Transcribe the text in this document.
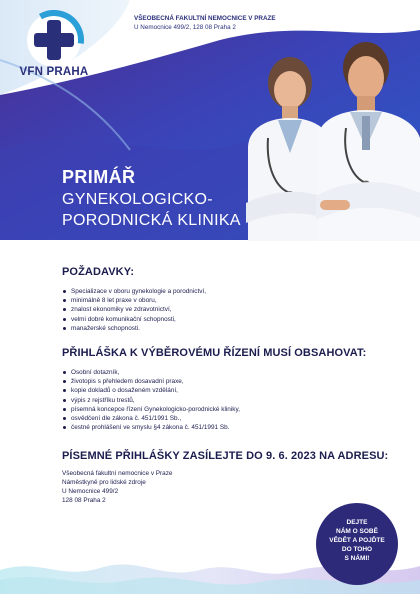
VFN PRAHA
VŠEOBECNÁ FAKULTNÍ NEMOCNICE V PRAZE
U Nemocnice 499/2, 128 08 Praha 2
PRIMÁŘ
GYNEKOLOGICKO-
PORODNICKÁ KLINIKA
POŽADAVKY:
Specializace v oboru gynekologie a porodnictví,
minimálně 8 let praxe v oboru,
znalost ekonomiky ve zdravotnictví,
velmi dobré komunikační schopnosti,
manažerské schopnosti.
PŘIHLÁŠKA K VÝBĚROVÉMU ŘÍZENÍ MUSÍ OBSAHOVAT:
Osobní dotazník,
životopis s přehledem dosavadní praxe,
kopie dokladů o dosaženém vzdělání,
výpis z rejstříku trestů,
písemná koncepce řízení Gynekologicko-porodnické kliniky,
osvědčení dle zákona č. 451/1991 Sb.,
čestné prohlášení ve smyslu §4 zákona č. 451/1991 Sb.
PÍSEMNÉ PŘIHLÁŠKY ZASÍLEJTE DO 9. 6. 2023 NA ADRESU:
Všeobecná fakultní nemocnice v Praze
Náměstkyně pro lidské zdroje
U Nemocnice 499/2
128 08 Praha 2
DEJTE
NÁM O SOBĚ
VĚDĚT A POJĎTE
DO TOHO
S NÁMI!
